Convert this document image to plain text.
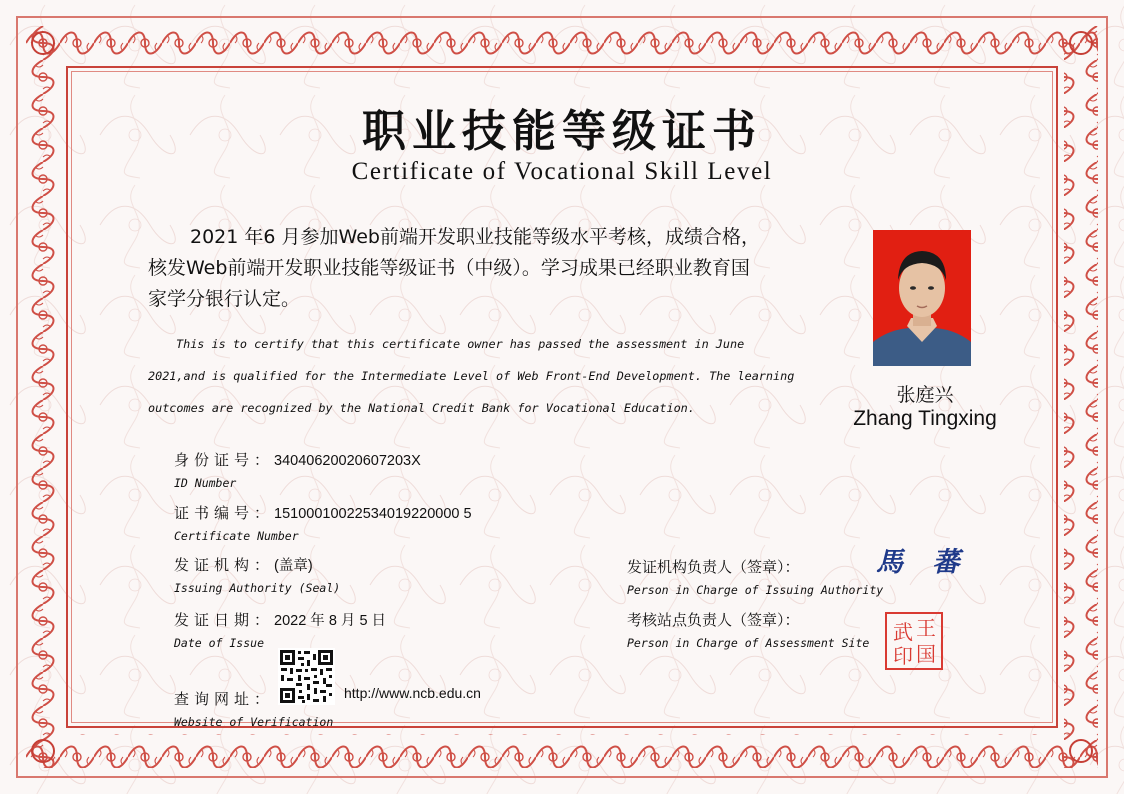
职业技能等级证书
Certificate of Vocational Skill Level

2021 年6 月参加Web前端开发职业技能等级水平考核，成绩合格，

核发Web前端开发职业技能等级证书（中级）。学习成果已经职业教育国

家学分银行认定。

This is to certify that this certificate owner has passed the assessment in June

2021,and is qualified for the Intermediate Level of Web Front-End Development. The learning

outcomes are recognized by the National Credit Bank for Vocational Education.

张庭兴
Zhang Tingxing
身份证号：34040620020607203X
ID Number
证书编号：15100010022534019220000 5
Certificate Number
发证机构：(盖章)
Issuing Authority (Seal)
发证日期：2022 年 8 月 5 日
Date of Issue
查询网址：
Website of Verification
http://www.ncb.edu.cn
发证机构负责人（签章）：
Person in Charge of Issuing Authority
考核站点负责人（签章）：
Person in Charge of Assessment Site
馬 蕃
王
武
国
印
